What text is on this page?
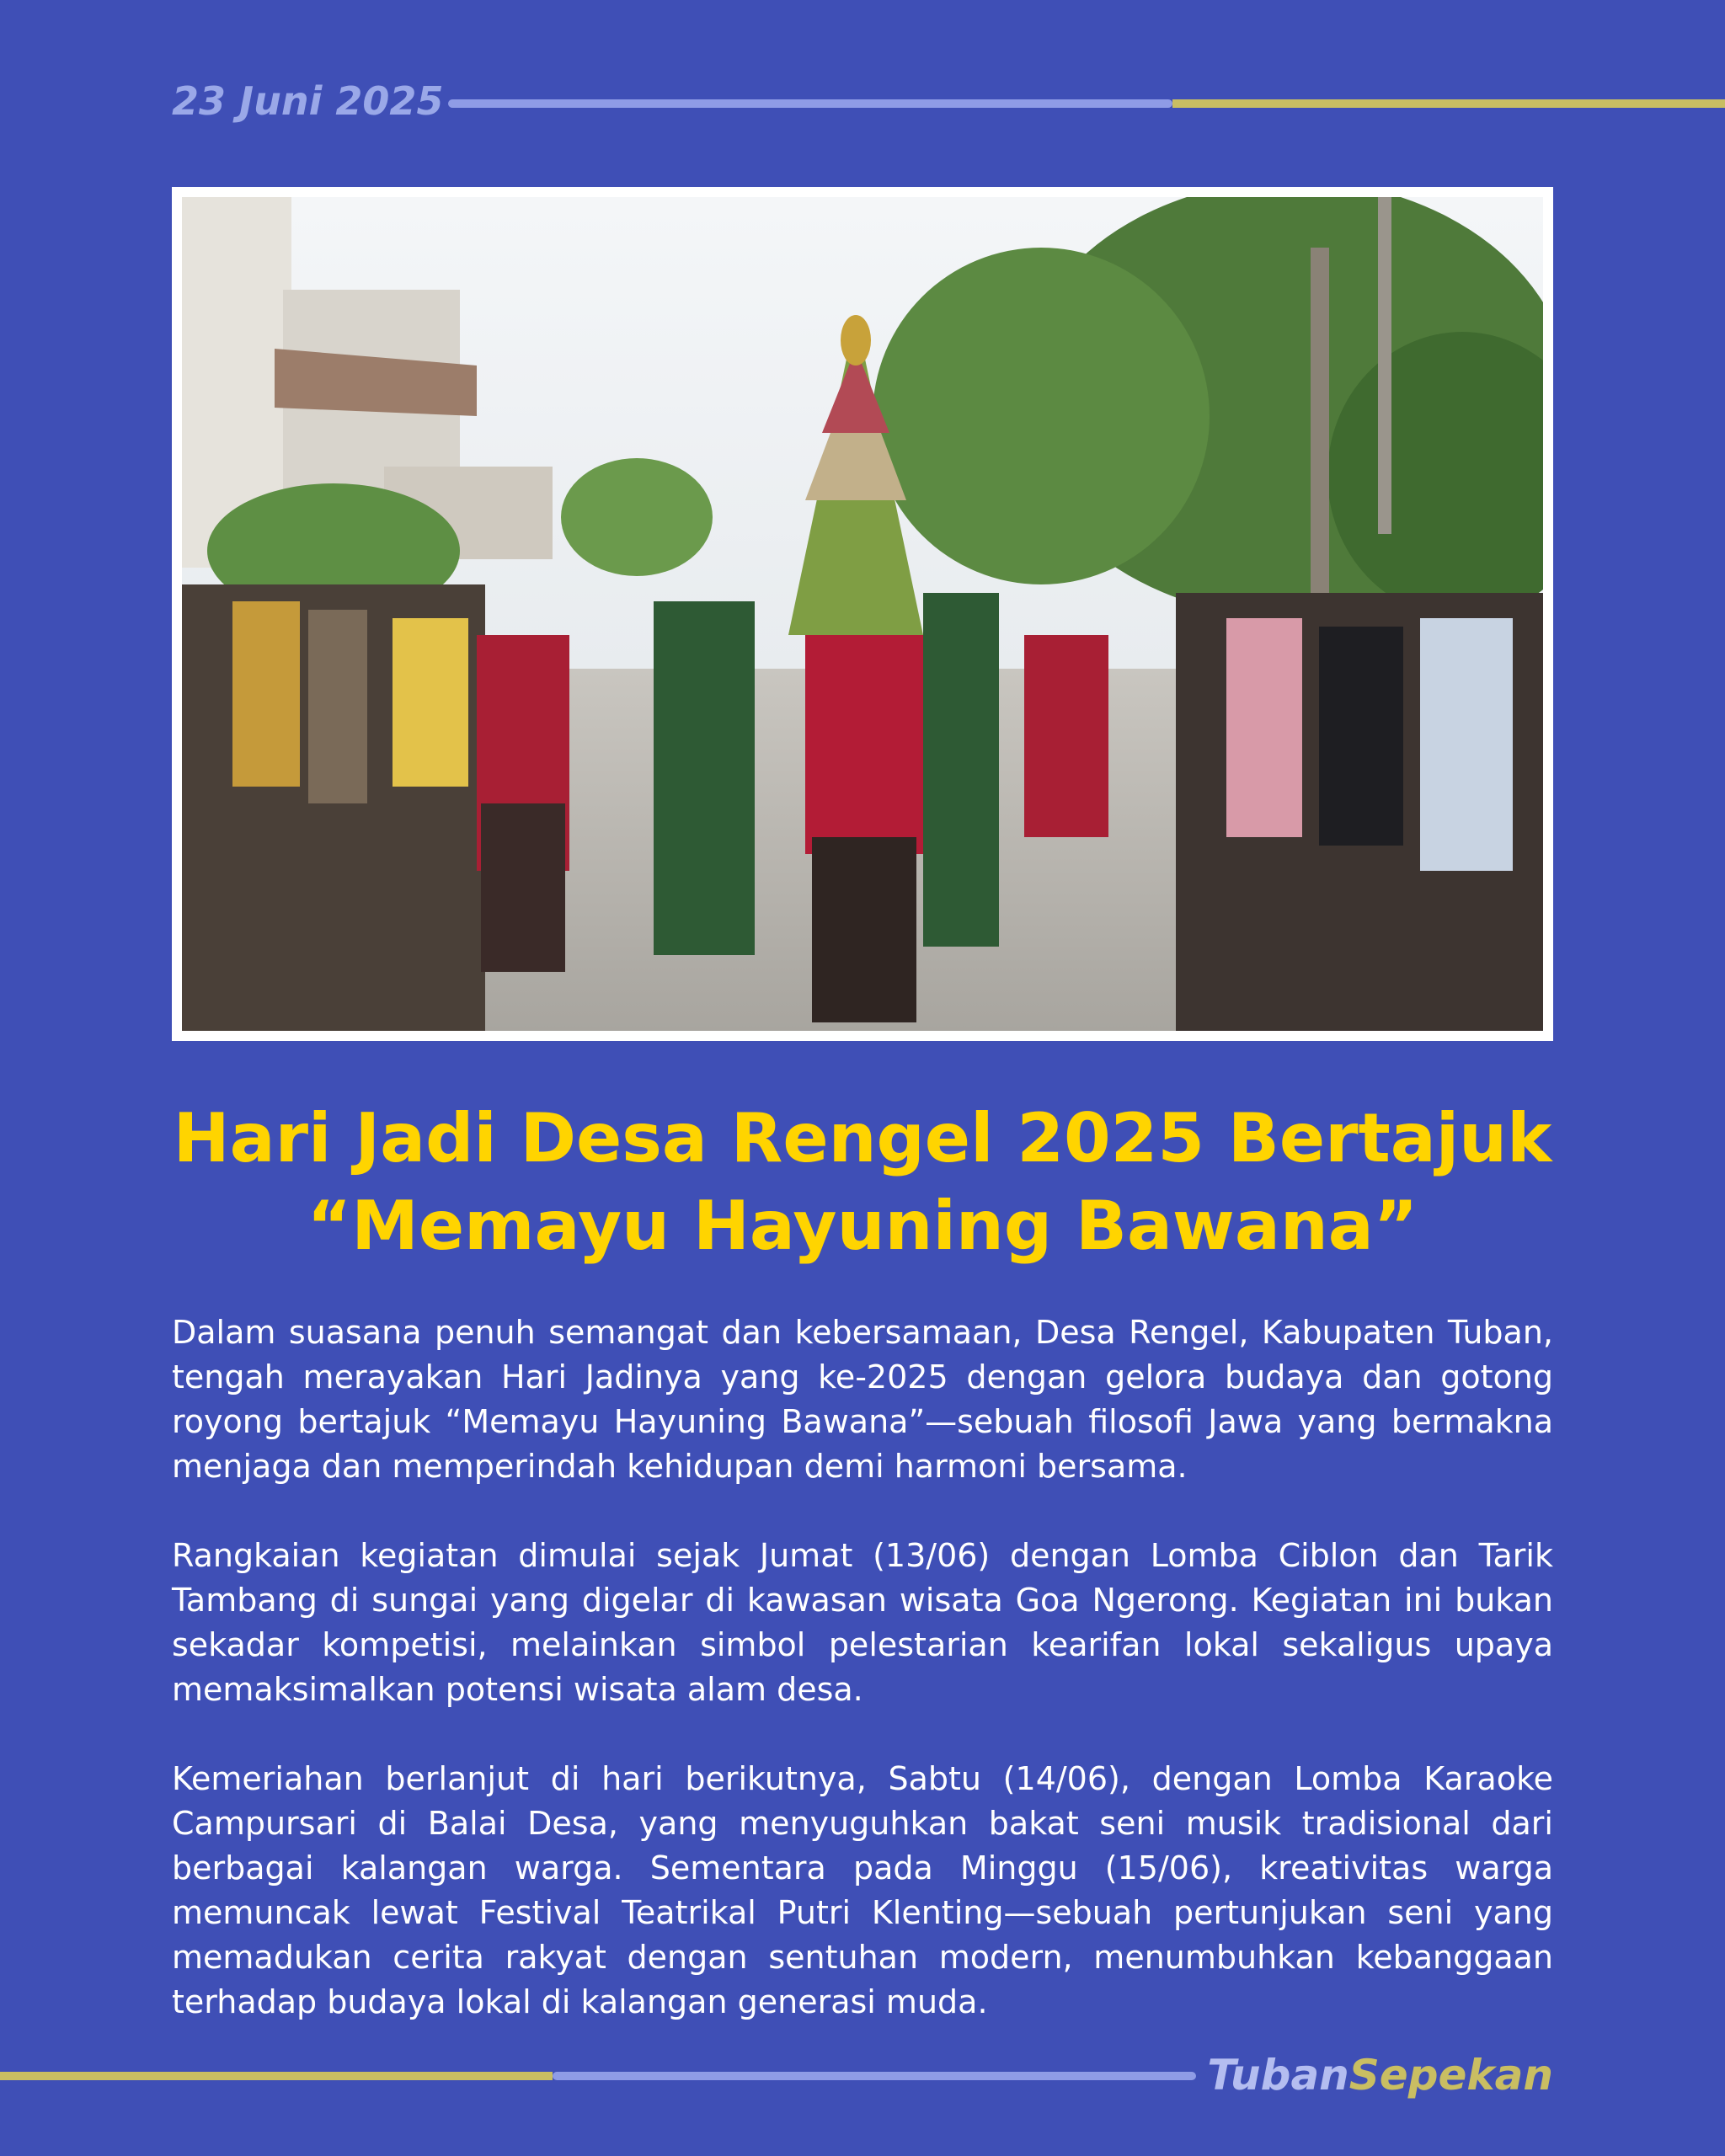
23 Juni 2025
Hari Jadi Desa Rengel 2025 Bertajuk
“Memayu Hayuning Bawana”

Dalam suasana penuh semangat dan kebersamaan, Desa Rengel, Kabupaten Tuban, tengah merayakan Hari Jadinya yang ke-2025 dengan gelora budaya dan gotong royong bertajuk “Memayu Hayuning Bawana”—sebuah filosofi Jawa yang bermakna menjaga dan memperindah kehidupan demi harmoni bersama.

Rangkaian kegiatan dimulai sejak Jumat (13/06) dengan Lomba Ciblon dan Tarik Tambang di sungai yang digelar di kawasan wisata Goa Ngerong. Kegiatan ini bukan sekadar kompetisi, melainkan simbol pelestarian kearifan lokal sekaligus upaya memaksimalkan potensi wisata alam desa.

Kemeriahan berlanjut di hari berikutnya, Sabtu (14/06), dengan Lomba Karaoke Campursari di Balai Desa, yang menyuguhkan bakat seni musik tradisional dari berbagai kalangan warga. Sementara pada Minggu (15/06), kreativitas warga memuncak lewat Festival Teatrikal Putri Klenting—sebuah pertunjukan seni yang memadukan cerita rakyat dengan sentuhan modern, menumbuhkan kebanggaan terhadap budaya lokal di kalangan generasi muda.

TubanSepekan
